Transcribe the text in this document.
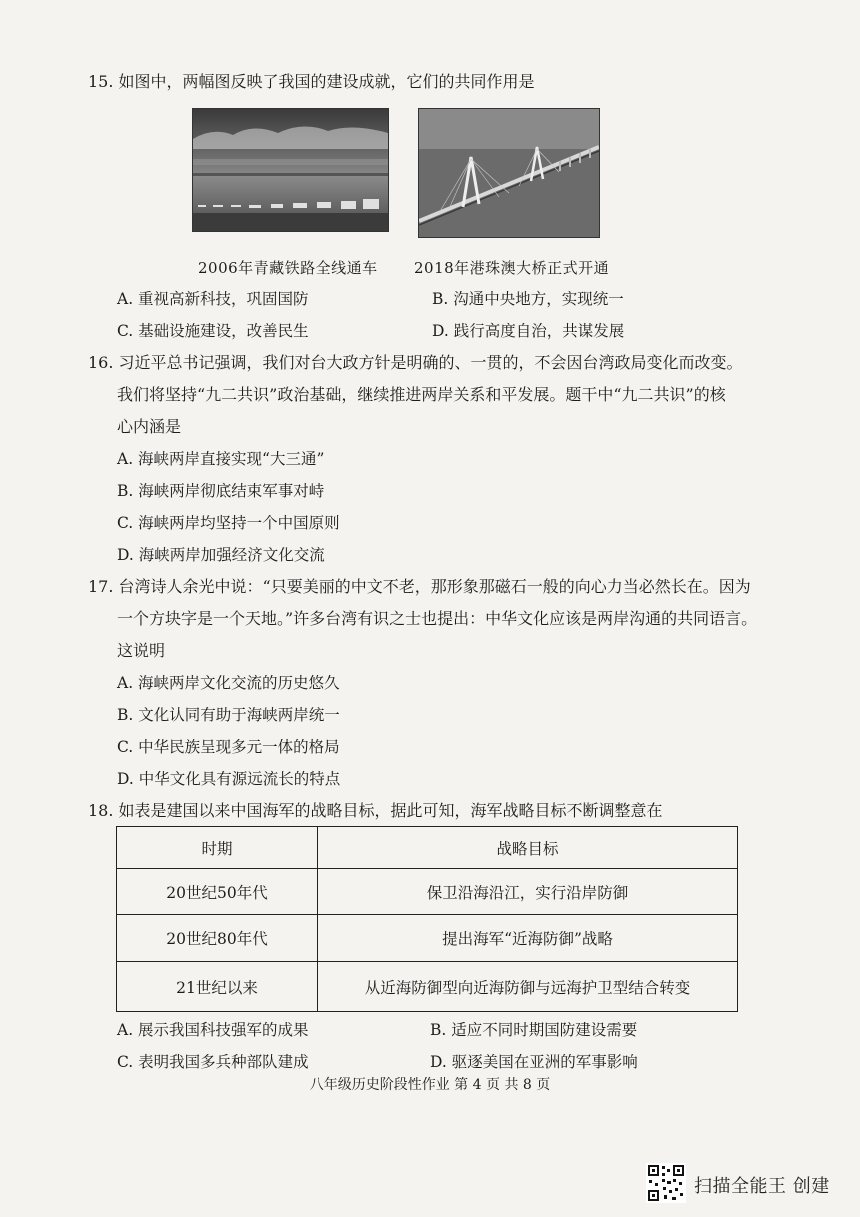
15. 如图中，两幅图反映了我国的建设成就，它们的共同作用是
2006年青藏铁路全线通车 2018年港珠澳大桥正式开通
A. 重视高新科技，巩固国防	B. 沟通中央地方，实现统一
C. 基础设施建设，改善民生	D. 践行高度自治，共谋发展
16. 习近平总书记强调，我们对台大政方针是明确的、一贯的，不会因台湾政局变化而改变。
我们将坚持“九二共识”政治基础，继续推进两岸关系和平发展。题干中“九二共识”的核
心内涵是
A. 海峡两岸直接实现“大三通”
B. 海峡两岸彻底结束军事对峙
C. 海峡两岸均坚持一个中国原则
D. 海峡两岸加强经济文化交流
17. 台湾诗人余光中说：“只要美丽的中文不老，那形象那磁石一般的向心力当必然长在。因为
一个方块字是一个天地。”许多台湾有识之士也提出：中华文化应该是两岸沟通的共同语言。
这说明
A. 海峡两岸文化交流的历史悠久
B. 文化认同有助于海峡两岸统一
C. 中华民族呈现多元一体的格局
D. 中华文化具有源远流长的特点
18. 如表是建国以来中国海军的战略目标，据此可知，海军战略目标不断调整意在
时期	战略目标
20世纪50年代	保卫沿海沿江，实行沿岸防御
20世纪80年代	提出海军“近海防御”战略
21世纪以来	从近海防御型向近海防御与远海护卫型结合转变
A. 展示我国科技强军的成果	B. 适应不同时期国防建设需要
C. 表明我国多兵种部队建成	D. 驱逐美国在亚洲的军事影响
八年级历史阶段性作业 第 4 页 共 8 页
扫描全能王 创建
